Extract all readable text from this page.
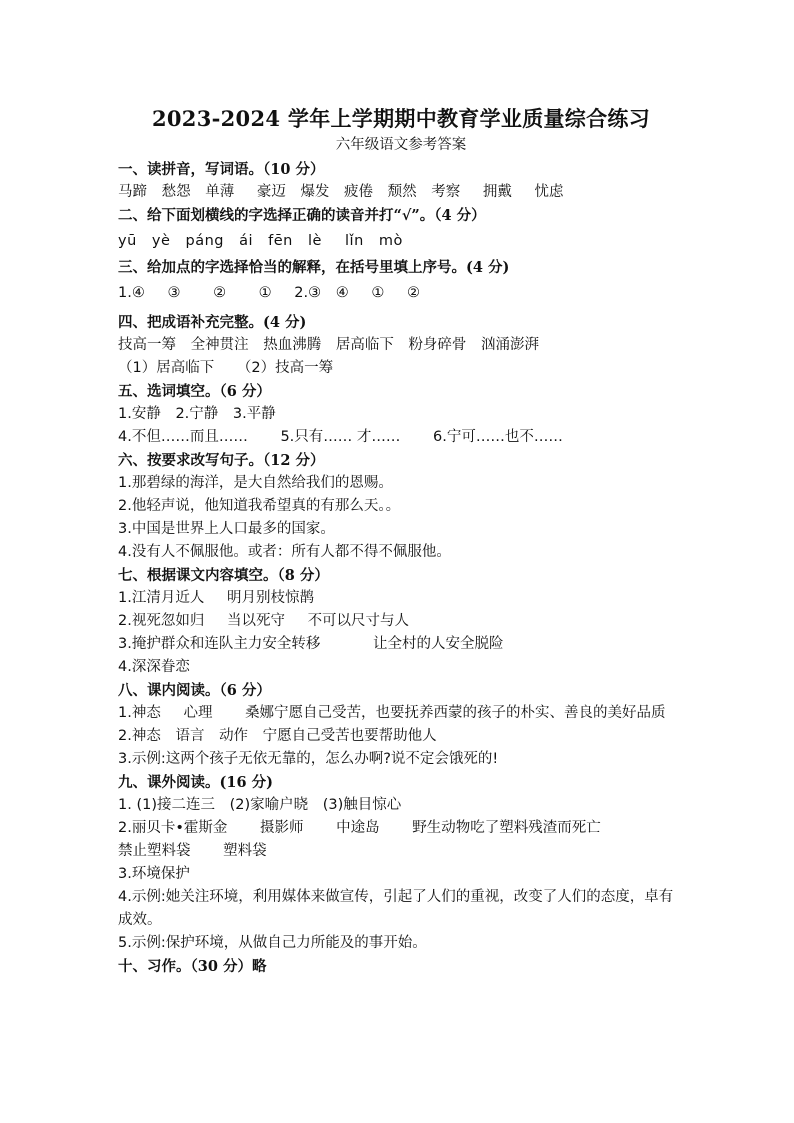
2023-2024 学年上学期期中教育学业质量综合练习

六年级语文参考答案

一、读拼音，写词语。（10 分）

马蹄 愁怨 单薄 豪迈 爆发 疲倦 颓然 考察 拥戴 忧虑

二、给下面划横线的字选择正确的读音并打“√”。（4 分）

yū yè páng ái fēn lè lǐn mò

三、给加点的字选择恰当的解释，在括号里填上序号。(4 分)

1.④ ③ ② ① 2.③ ④ ① ②

四、把成语补充完整。(4 分)

技高一筹 全神贯注 热血沸腾 居高临下 粉身碎骨 汹涌澎湃

（1）居高临下 （2）技高一筹

五、选词填空。（6 分）

1.安静 2.宁静 3.平静

4.不但……而且…… 5.只有…… 才…… 6.宁可……也不……

六、按要求改写句子。（12 分）

1.那碧绿的海洋，是大自然给我们的恩赐。

2.他轻声说，他知道我希望真的有那么天。。

3.中国是世界上人口最多的国家。

4.没有人不佩服他。或者：所有人都不得不佩服他。

七、根据课文内容填空。（8 分）

1.江清月近人 明月别枝惊鹊

2.视死忽如归 当以死守 不可以尺寸与人

3.掩护群众和连队主力安全转移	让全村的人安全脱险

4.深深眷恋

八、课内阅读。（6 分）

1.神态 心理 桑娜宁愿自己受苦，也要抚养西蒙的孩子的朴实、善良的美好品质

2.神态 语言 动作 宁愿自己受苦也要帮助他人

3.示例:这两个孩子无依无靠的，怎么办啊?说不定会饿死的!

九、课外阅读。(16 分)

1. (1)接二连三 (2)家喻户晓 (3)触目惊心

2.丽贝卡•霍斯金 摄影师 中途岛 野生动物吃了塑料残渣而死亡

禁止塑料袋 塑料袋

3.环境保护

4.示例:她关注环境，利用媒体来做宣传，引起了人们的重视，改变了人们的态度，卓有成效。

5.示例:保护环境，从做自己力所能及的事开始。

十、习作。（30 分）略
